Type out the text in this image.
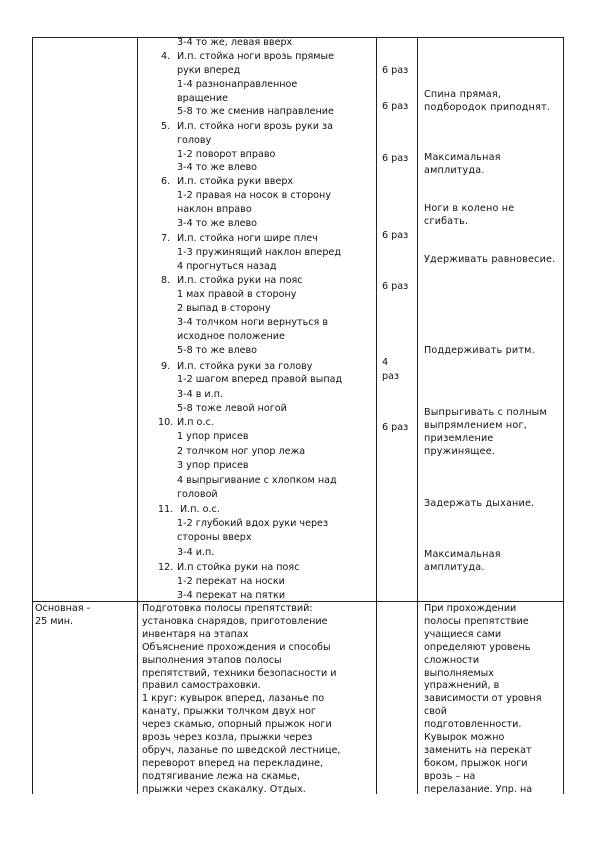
3-4 то же, левая вверх
4. И.п. стойка ноги врозь прямые
руки вперед
1-4 разнонаправленное
вращение
5-8 то же сменив направление
5. И.п. стойка ноги врозь руки за
голову
1-2 поворот вправо
3-4 то же влево
6. И.п. стойка руки вверх
1-2 правая на носок в сторону
наклон вправо
3-4 то же влево
7. И.п. стойка ноги шире плеч
1-3 пружинящий наклон вперед
4 прогнуться назад
8. И.п. стойка руки на пояс
1 мах правой в сторону
2 выпад в сторону
3-4 толчком ноги вернуться в
исходное положение
5-8 то же влево
9. И.п. стойка руки за голову
1-2 шагом вперед правой выпад
3-4 в и.п.
5-8 тоже левой ногой
10. И.п о.с.
1 упор присев
2 толчком ног упор лежа
3 упор присев
4 выпрыгивание с хлопком над
головой
11. И.п. о.с.
1-2 глубокий вдох руки через
стороны вверх
3-4 и.п.
12. И.п стойка руки на пояс
1-2 перекат на носки
3-4 перекат на пятки
6 раз
6 раз
6 раз
6 раз
6 раз
4
раз
6 раз
Спина прямая, подбородок приподнят.
Максимальная амплитуда.
Ноги в колено не сгибать.
Удерживать равновесие.
Поддерживать ритм.
Выпрыгивать с полным выпрямлением ног, приземление пружинящее.
Задержать дыхание.
Максимальная амплитуда.
Основная -
25 мин.
Подготовка полосы препятствий:
установка снарядов, приготовление
инвентаря на этапах
Объяснение прохождения и способы
выполнения этапов полосы
препятствий, техники безопасности и
правил самостраховки.
1 круг: кувырок вперед, лазанье по
канату, прыжки толчком двух ног
через скамью, опорный прыжок ноги
врозь через козла, прыжки через
обруч, лазанье по шведской лестнице,
переворот вперед на перекладине,
подтягивание лежа на скамье,
прыжки через скакалку. Отдых.
При прохождении
полосы препятствие
учащиеся сами
определяют уровень
сложности
выполняемых
упражнений, в
зависимости от уровня
свой
подготовленности.
Кувырок можно
заменить на перекат
боком, прыжок ноги
врозь – на
перелазание. Упр. на
